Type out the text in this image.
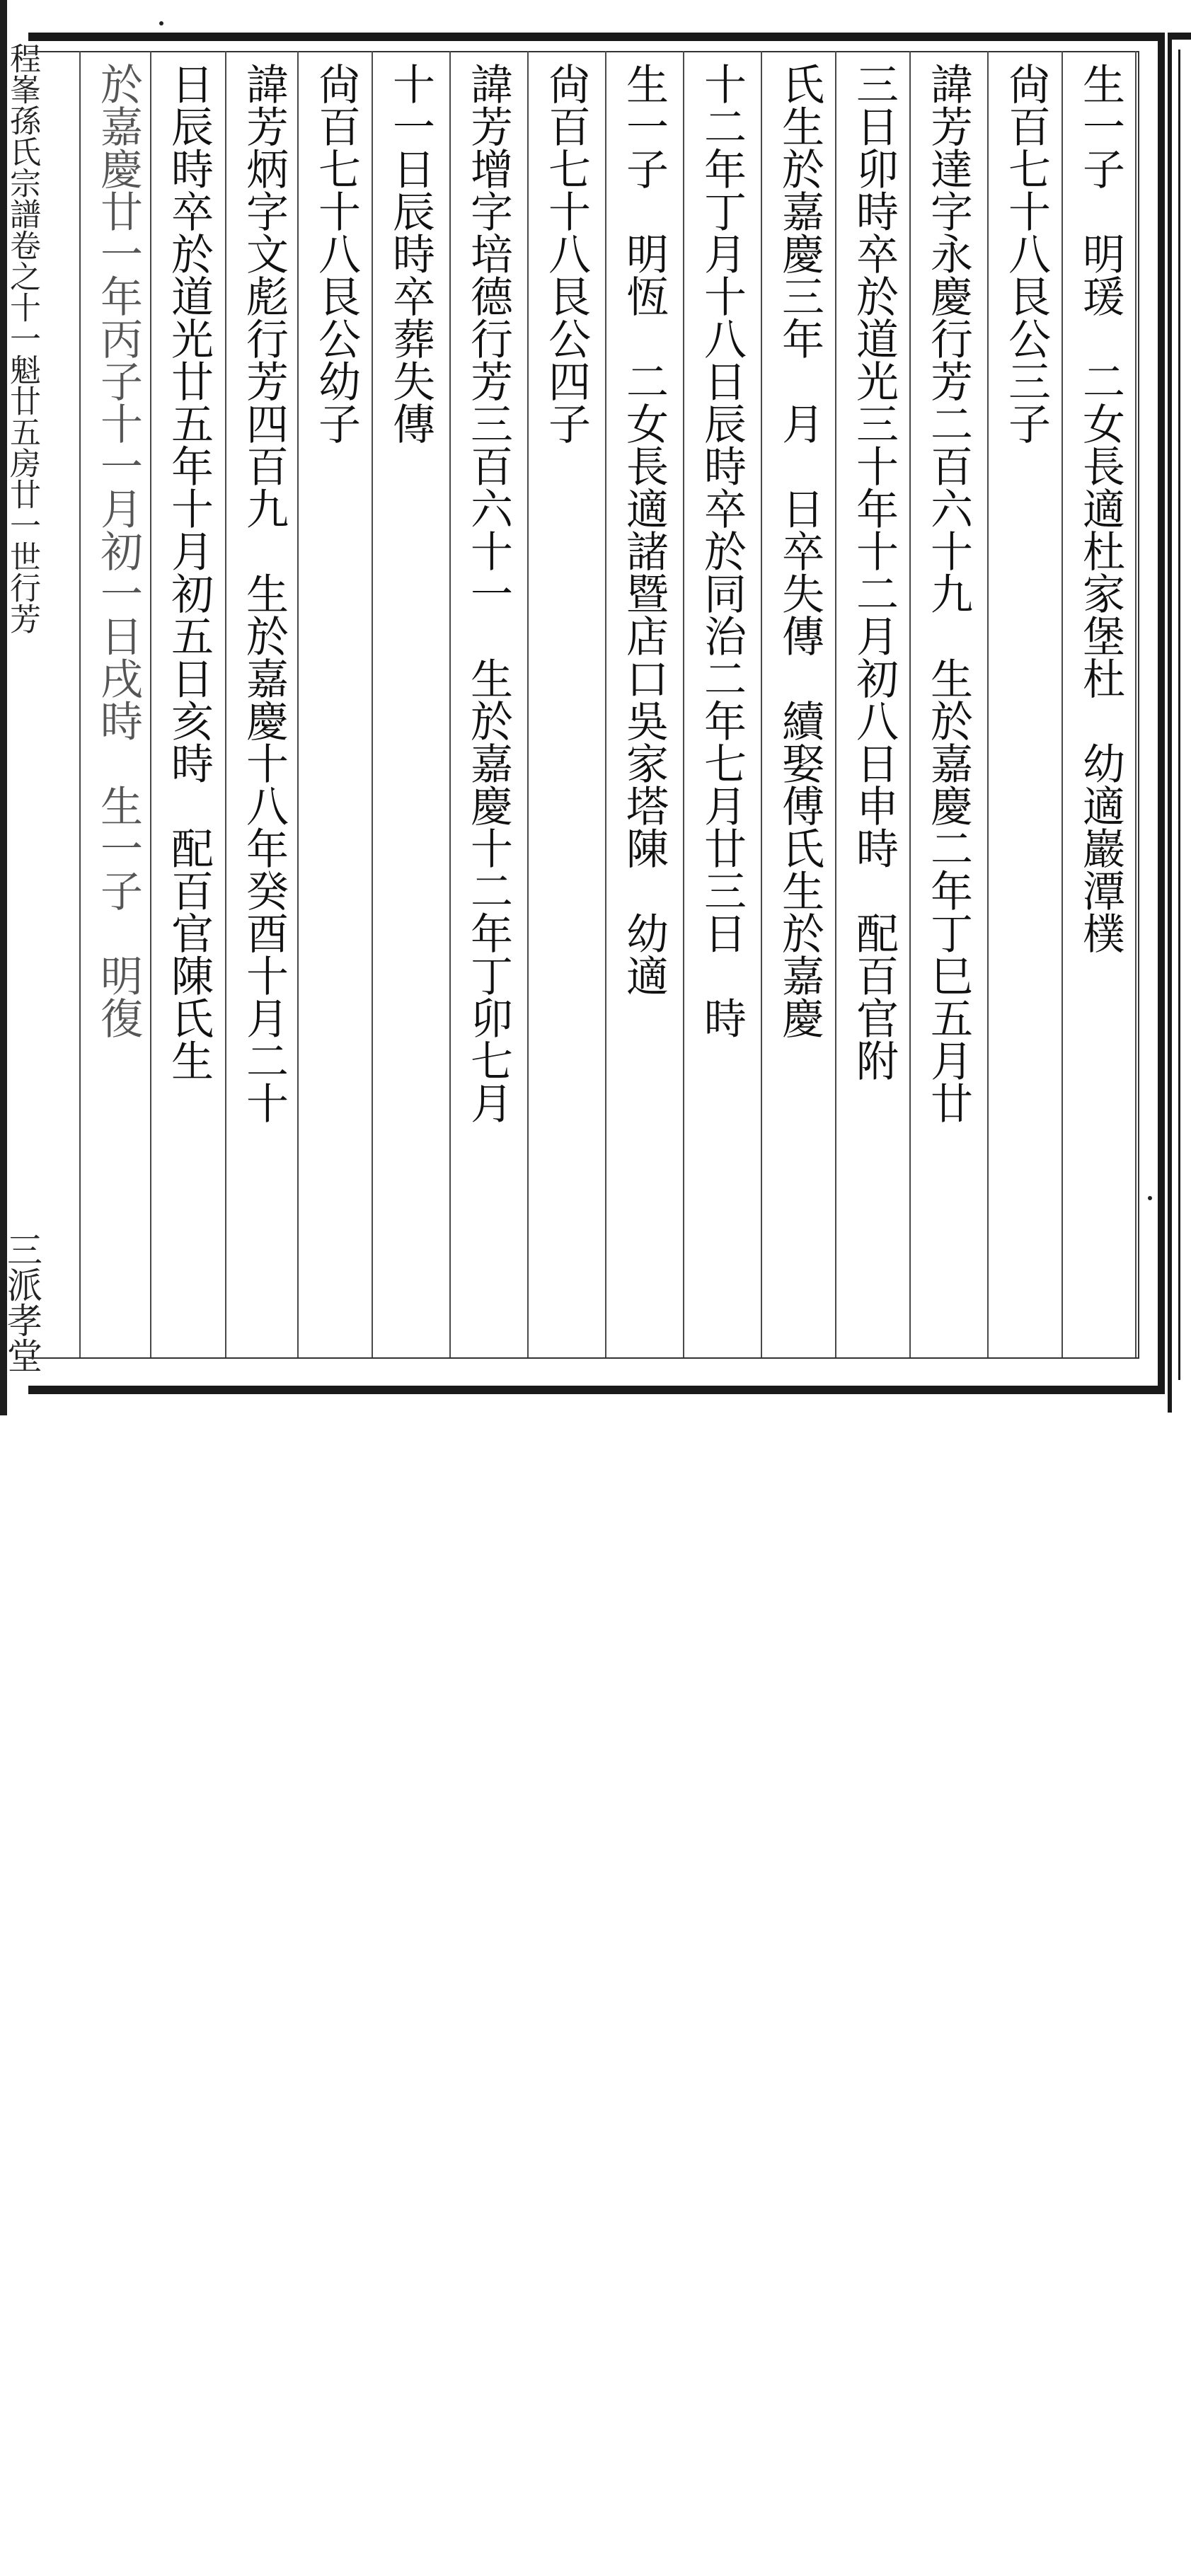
程峯孫氏宗譜卷之十一魁廿五房廿一世行芳
三派孝堂
生一子　明瑗　二女長適杜家堡杜　幼適巖潭樸
尙百七十八艮公三子
諱芳達字永慶行芳二百六十九　生於嘉慶二年丁巳五月廿
三日卯時卒於道光三十年十二月初八日申時　配百官附
氏生於嘉慶三年　月　日卒失傳　續娶傅氏生於嘉慶
十二年丁月十八日辰時卒於同治二年七月廿三日　時
生一子　明恆　二女長適諸暨店口吳家塔陳　幼適
尙百七十八艮公四子
諱芳增字培德行芳三百六十一　生於嘉慶十二年丁卯七月
十一日辰時卒葬失傳
尙百七十八艮公幼子
諱芳炳字文彪行芳四百九　生於嘉慶十八年癸酉十月二十
日辰時卒於道光廿五年十月初五日亥時　配百官陳氏生
於嘉慶廿一年丙子十一月初一日戌時　生一子　明復
